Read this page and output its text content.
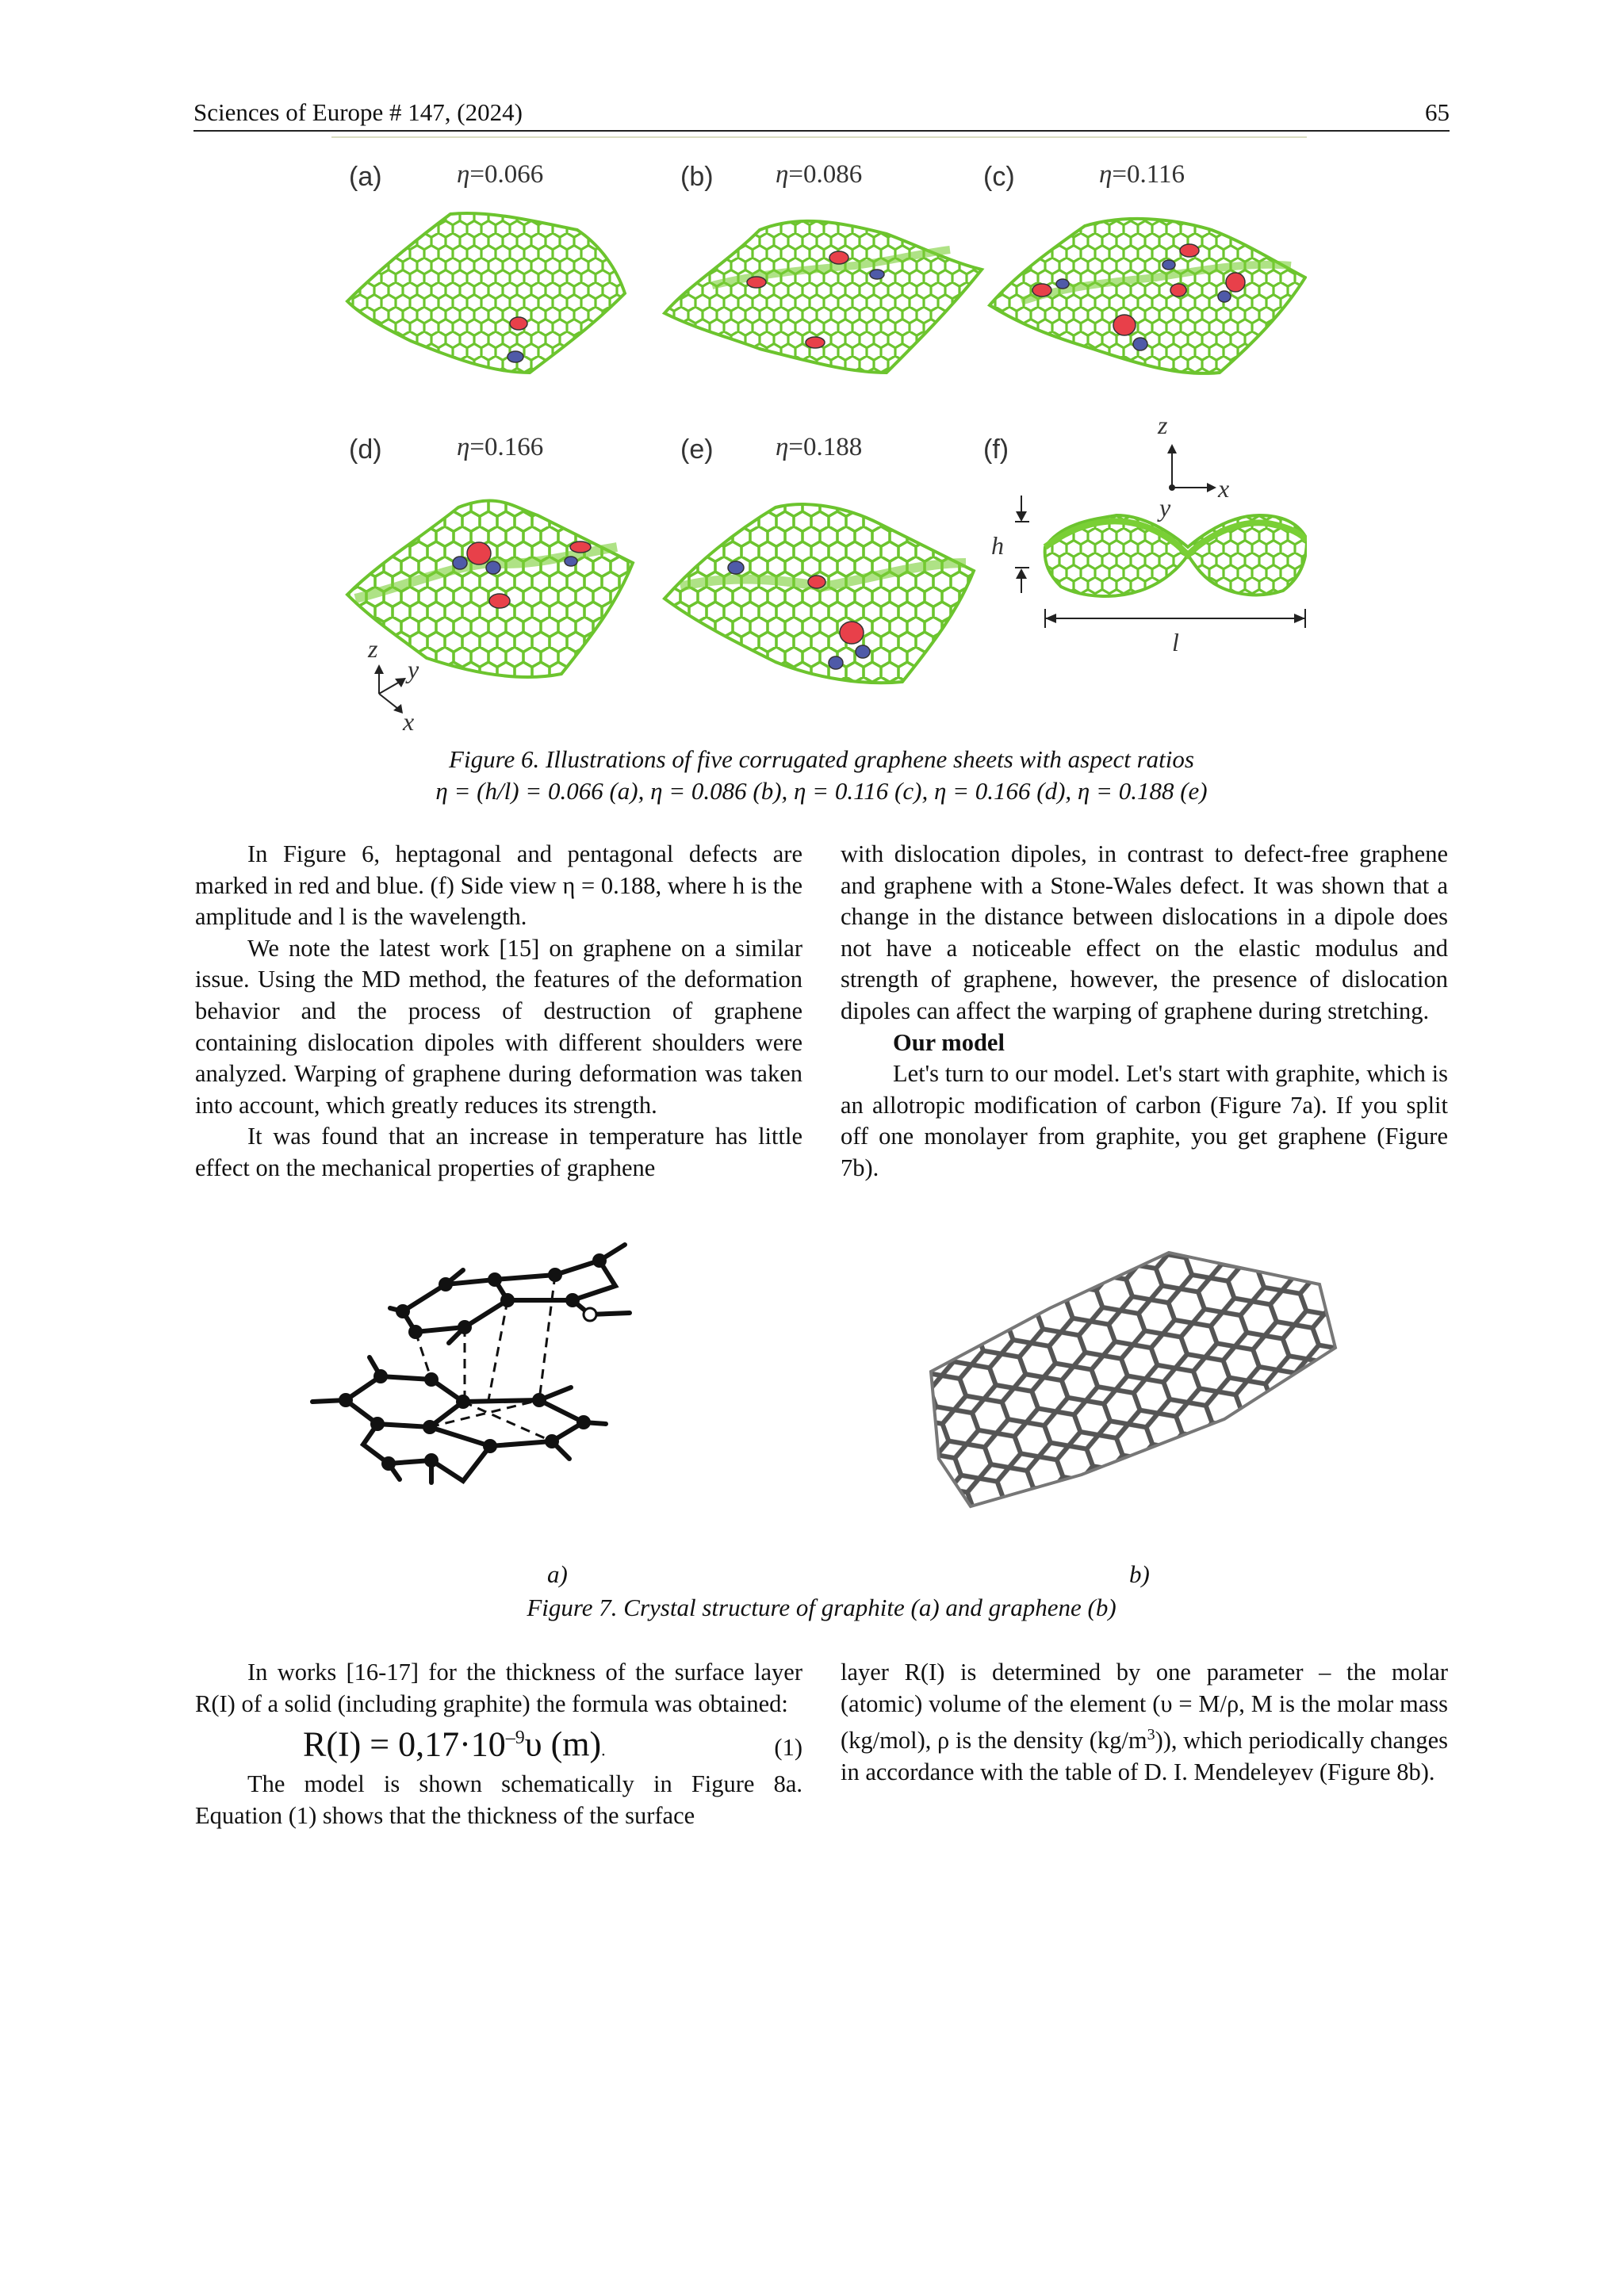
Sciences of Europe # 147, (2024)	65
(a)	η=0.066	(b) η=0.086	(c)	η=0.116
(d)	η=0.166	(e) η=0.188	(f)
z
x
y
h
l
z
y
x
Figure 6. Illustrations of five corrugated graphene sheets with aspect ratios
η = (h/l) = 0.066 (a), η = 0.086 (b), η = 0.116 (c), η = 0.166 (d), η = 0.188 (e)

In Figure 6, heptagonal and pentagonal defects are marked in red and blue. (f) Side view η = 0.188, where h is the amplitude and l is the wavelength.

We note the latest work [15] on graphene on a similar issue. Using the MD method, the features of the deformation behavior and the process of destruction of graphene containing dislocation dipoles with different shoulders were analyzed. Warping of graphene during deformation was taken into account, which greatly reduces its strength.

It was found that an increase in temperature has little effect on the mechanical properties of graphene

with dislocation dipoles, in contrast to defect-free graphene and graphene with a Stone-Wales defect. It was shown that a change in the distance between dislocations in a dipole does not have a noticeable effect on the elastic modulus and strength of graphene, however, the presence of dislocation dipoles can affect the warping of graphene during stretching.

Our model

Let's turn to our model. Let's start with graphite, which is an allotropic modification of carbon (Figure 7a). If you split off one monolayer from graphite, you get graphene (Figure 7b).

a)	b)
Figure 7. Crystal structure of graphite (a) and graphene (b)

In works [16-17] for the thickness of the surface layer R(I) of a solid (including graphite) the formula was obtained:

$R(I) = 0,17\cdot 10^{-9}\upsilon$ (m).	(1)

The model is shown schematically in Figure 8a. Equation (1) shows that the thickness of the surface

layer R(I) is determined by one parameter – the molar (atomic) volume of the element (υ = M/ρ, M is the molar mass (kg/mol), ρ is the density $(kg/m^3)$), which periodically changes in accordance with the table of D. I. Mendeleyev (Figure 8b).
